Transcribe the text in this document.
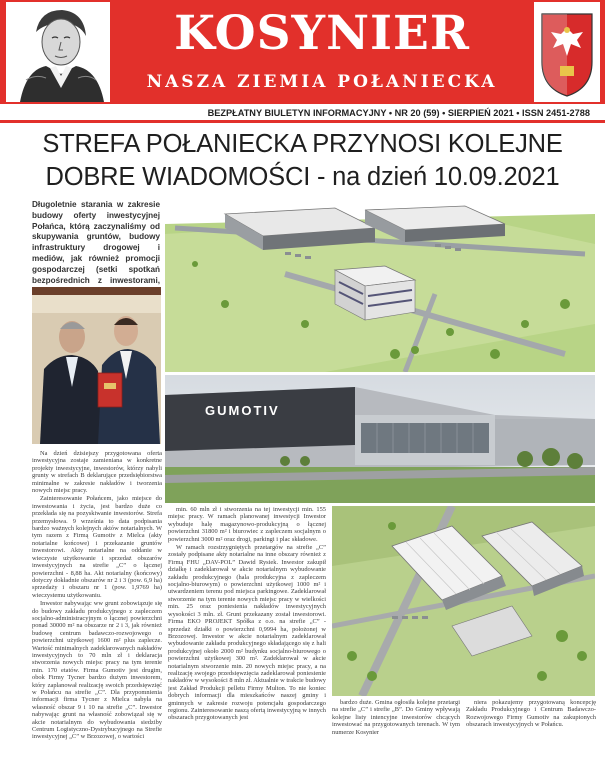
KOSYNIER
NASZA ZIEMIA POŁANIECKA
BEZPŁATNY BIULETYN INFORMACYJNY • NR 20 (59) • SIERPIEŃ 2021 • ISSN 2451-2788
STREFA POŁANIECKA PRZYNOSI KOLEJNE
DOBRE WIADOMOŚCI - na dzień 10.09.2021
Długoletnie starania w zakresie budowy oferty inwestycyjnej Połańca, którą zaczynaliśmy od skupywania gruntów, budowy infrastruktury drogowej i mediów, jak również promocji gospodarczej (setki spotkań bezpośrednich z inwestorami,
GUMOTIV

Na dzień dzisiejszy przygotowana oferta inwestycyjna zostaje zamieniana w konkretne projekty inwestycyjne, inwestorów, którzy nabyli grunty w strefach B deklarujące przedsiębiorstwa minimalne w zakresie nakładów i tworzenia nowych miejsc pracy.

Zainteresowanie Połańcem, jako miejsce do inwestowania i życia, jest bardzo duże co przekłada się na pozyskiwanie inwestorów. Strefa przemysłowa. 9 września to data podpisania bardzo ważnych kolejnych aktów notarialnych. W tym razem z Firmą Gumotiv z Mielca (akty notarialne końcowe) i przekazanie gruntów inwestorowi. Akty notarialne na oddanie w wieczyste użytkowanie i sprzedaż obszarów inwestycyjnych na strefie „C” o łącznej powierzchni - 8,88 ha. Akt notarialny (końcowy) dotyczy dokładnie obszarów nr 2 i 3 (pow. 6,9 ha) sprzedaży i obszaru nr 1 (pow. 1,9769 ha) wieczystemu użytkowaniu.

Inwestor nabywając ww grunt zobowiązuje się do budowy zakładu produkcyjnego z zapleczem socjalno-administracyjnym o łącznej powierzchni ponad 30000 m² na obszarze nr 2 i 3, jak również budowę centrum badawczo-rozwojowego o powierzchni użytkowej 1600 m² plus zaplecze. Wartość minimalnych zadeklarowanych nakładów inwestycyjnych to 70 mln zł i deklaracja stworzenia nowych miejsc pracy na tym terenie min. 170 etatów. Firma Gumotiv jest drugim, obok Firmy Tycner bardzo dużym inwestorem, który zaplanował realizację swoich przedsięwzięć w Połańcu na strefie „C”. Dla przypomnienia informacji firma Tycner z Mielca nabyła na własność obszar 9 i 10 na strefie „C”. Inwestor nabywając grunt na własność zobowiązał się w akcie notarialnym do wybudowania siedziby Centrum Logistyczno-Dystrybucyjnego na Strefie inwestycyjnej „C” w Brzozowej, o wartości

min. 60 mln zł i stworzenia na tej inwestycji min. 155 miejsc pracy. W ramach planowanej inwestycji Inwestor wybuduje halę magazynowo-produkcyjną o łącznej powierzchni 31800 m² i biurowiec z zapleczem socjalnym o powierzchni 3000 m² oraz drogi, parkingi i plac składowe.

W ramach rozstrzygniętych przetargów na strefie „C” zostały podpisane akty notarialne na inne obszary również z Firmą FHU „DAV-POL” Dawid Rysiek. Inwestor zakupił działkę i zadeklarował w akcie notarialnym wybudowanie zakładu produkcyjnego (hala produkcyjna z zapleczem socjalno-biurowym) o powierzchni użytkowej 1000 m² i utwardzeniem terenu pod miejsca parkingowe. Zadeklarował stworzenie na tym terenie nowych miejsc pracy w wielkości min. 25 oraz poniesienia nakładów inwestycyjnych wysokości 3 mln. zł. Grunt przekazany został inwestorowi. Firma EKO PROJEKT Spółka z o.o. na strefie „C” - sprzedaż działki o powierzchni 0,9994 ha, położonej w Brzozowej. Inwestor w akcie notarialnym zadeklarował wybudowanie zakładu produkcyjnego składającego się z hali produkcyjnej około 2000 m² budynku socjalno-biurowego o powierzchni użytkowej 300 m². Zadeklarował w akcie notarialnym stworzenie min. 20 nowych miejsc pracy, a na realizację swojego przedsięwzięcia zadeklarował poniesienie nakładów w wysokości 8 mln zł. Aktualnie w trakcie budowy jest Zakład Produkcji pelletu Firmy Multon. To nie koniec dobrych informacji dla mieszkańców naszej gminy i gminnych w zakresie rozwoju potencjału gospodarczego regionu. Zainteresowanie naszą ofertą inwestycyjną w innych obszarach przygotowanych jest

bardzo duże. Gmina ogłosiła kolejne przetargi na strefie „C” i strefie „B”. Do Gminy wpływają kolejne listy intencyjne inwestorów chcących inwestować na przygotowanych terenach. W tym numerze Kosynier

niera pokazujemy przygotowaną koncepcję Zakładu Produkcyjnego i Centrum Badawczo-Rozwojowego Firmy Gumotiv na zakupionych obszarach inwestycyjnych w Połańcu.
